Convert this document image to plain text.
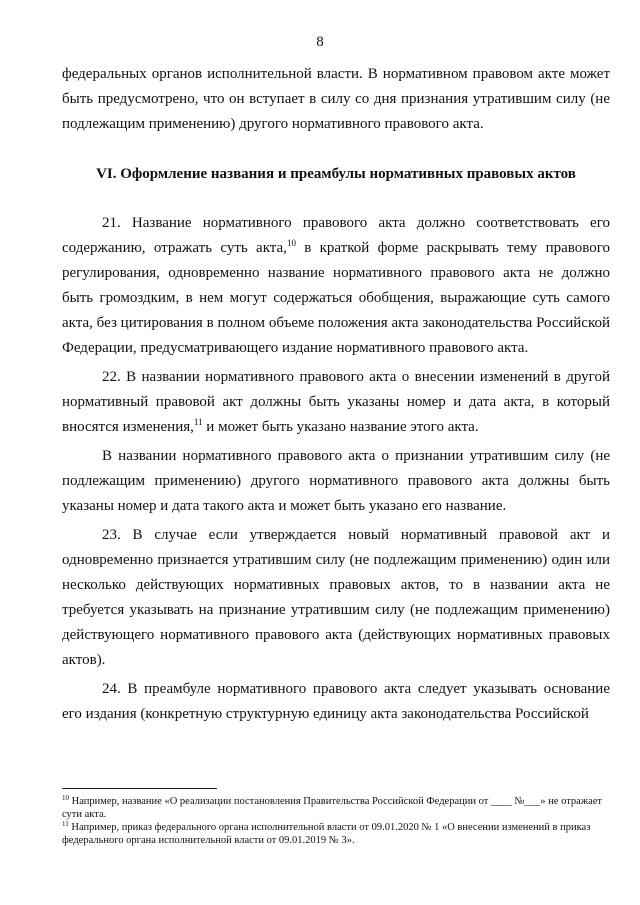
8

федеральных органов исполнительной власти. В нормативном правовом акте может быть предусмотрено, что он вступает в силу со дня признания утратившим силу (не подлежащим применению) другого нормативного правового акта.

VI. Оформление названия и преамбулы нормативных правовых актов

21. Название нормативного правового акта должно соответствовать его содержанию, отражать суть акта,$^{10}$ в краткой форме раскрывать тему правового регулирования, одновременно название нормативного правового акта не должно быть громоздким, в нем могут содержаться обобщения, выражающие суть самого акта, без цитирования в полном объеме положения акта законодательства Российской Федерации, предусматривающего издание нормативного правового акта.

22. В названии нормативного правового акта о внесении изменений в другой нормативный правовой акт должны быть указаны номер и дата акта, в который вносятся изменения,$^{11}$ и может быть указано название этого акта.

В названии нормативного правового акта о признании утратившим силу (не подлежащим применению) другого нормативного правового акта должны быть указаны номер и дата такого акта и может быть указано его название.

23. В случае если утверждается новый нормативный правовой акт и одновременно признается утратившим силу (не подлежащим применению) один или несколько действующих нормативных правовых актов, то в названии акта не требуется указывать на признание утратившим силу (не подлежащим применению) действующего нормативного правового акта (действующих нормативных правовых актов).

24. В преамбуле нормативного правового акта следует указывать основание его издания (конкретную структурную единицу акта законодательства Российской

$^{10}$ Например, название «О реализации постановления Правительства Российской Федерации от ____ №___» не отражает сути акта.

$^{11}$ Например, приказ федерального органа исполнительной власти от 09.01.2020 № 1 «О внесении изменений в приказ федерального органа исполнительной власти от 09.01.2019 № 3».
